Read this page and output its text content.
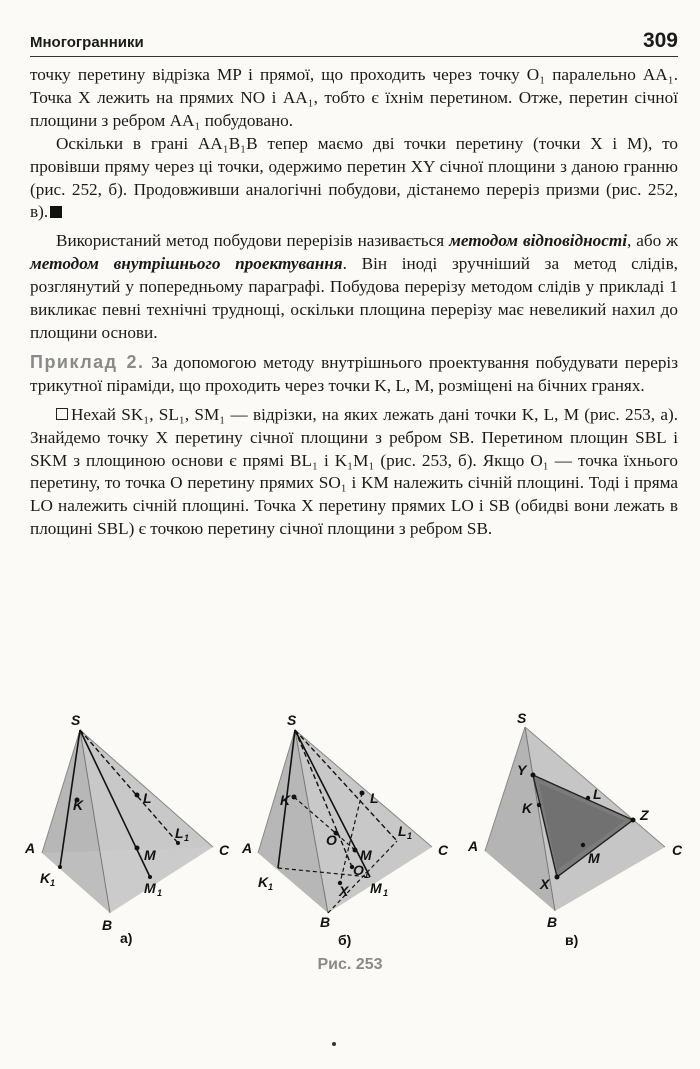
Многогранники	309

точку перетину відрізка MP і прямої, що проходить через точку O₁ паралельно AA₁. Точка X лежить на прямих NO і AA₁, тобто є їхнім перетином. Отже, перетин січної площини з ребром AA₁ побудовано.

Оскільки в грані AA₁B₁B тепер маємо дві точки перетину (точки X і M), то провівши пряму через ці точки, одержимо перетин XY січної площини з даною гранню (рис. 252, б). Продовживши аналогічні побудови, дістанемо переріз призми (рис. 252, в).

Використаний метод побудови перерізів називається методом відповідності, або ж методом внутрішнього проектування. Він іноді зручніший за метод слідів, розглянутий у попередньому параграфі. Побудова перерізу методом слідів у прикладі 1 викликає певні технічні труднощі, оскільки площина перерізу має невеликий нахил до площини основи.

Приклад 2. За допомогою методу внутрішнього проектування побудувати переріз трикутної піраміди, що проходить через точки K, L, M, розміщені на бічних гранях.

Нехай SK₁, SL₁, SM₁ — відрізки, на яких лежать дані точки K, L, M (рис. 253, а). Знайдемо точку X перетину січної площини з ребром SB. Перетином площин SBL і SKM з площиною основи є прямі BL₁ і K₁M₁ (рис. 253, б). Якщо O₁ — точка їхнього перетину, то точка O перетину прямих SO₁ і KM належить січній площині. Тоді і пряма LO належить січній площині. Точка X перетину прямих LO і SB (обидві вони лежать в площині SBL) є точкою перетину січної площини з ребром SB.

S
A
B
C
K	L
M
K 1
L 1
M 1
а)
S
A
B
C
K	L
M
O
O 1
X
K 1
L 1
M 1
б)
S
Y
K
L
Z
M
A
X
B
C
в)
Рис. 253
